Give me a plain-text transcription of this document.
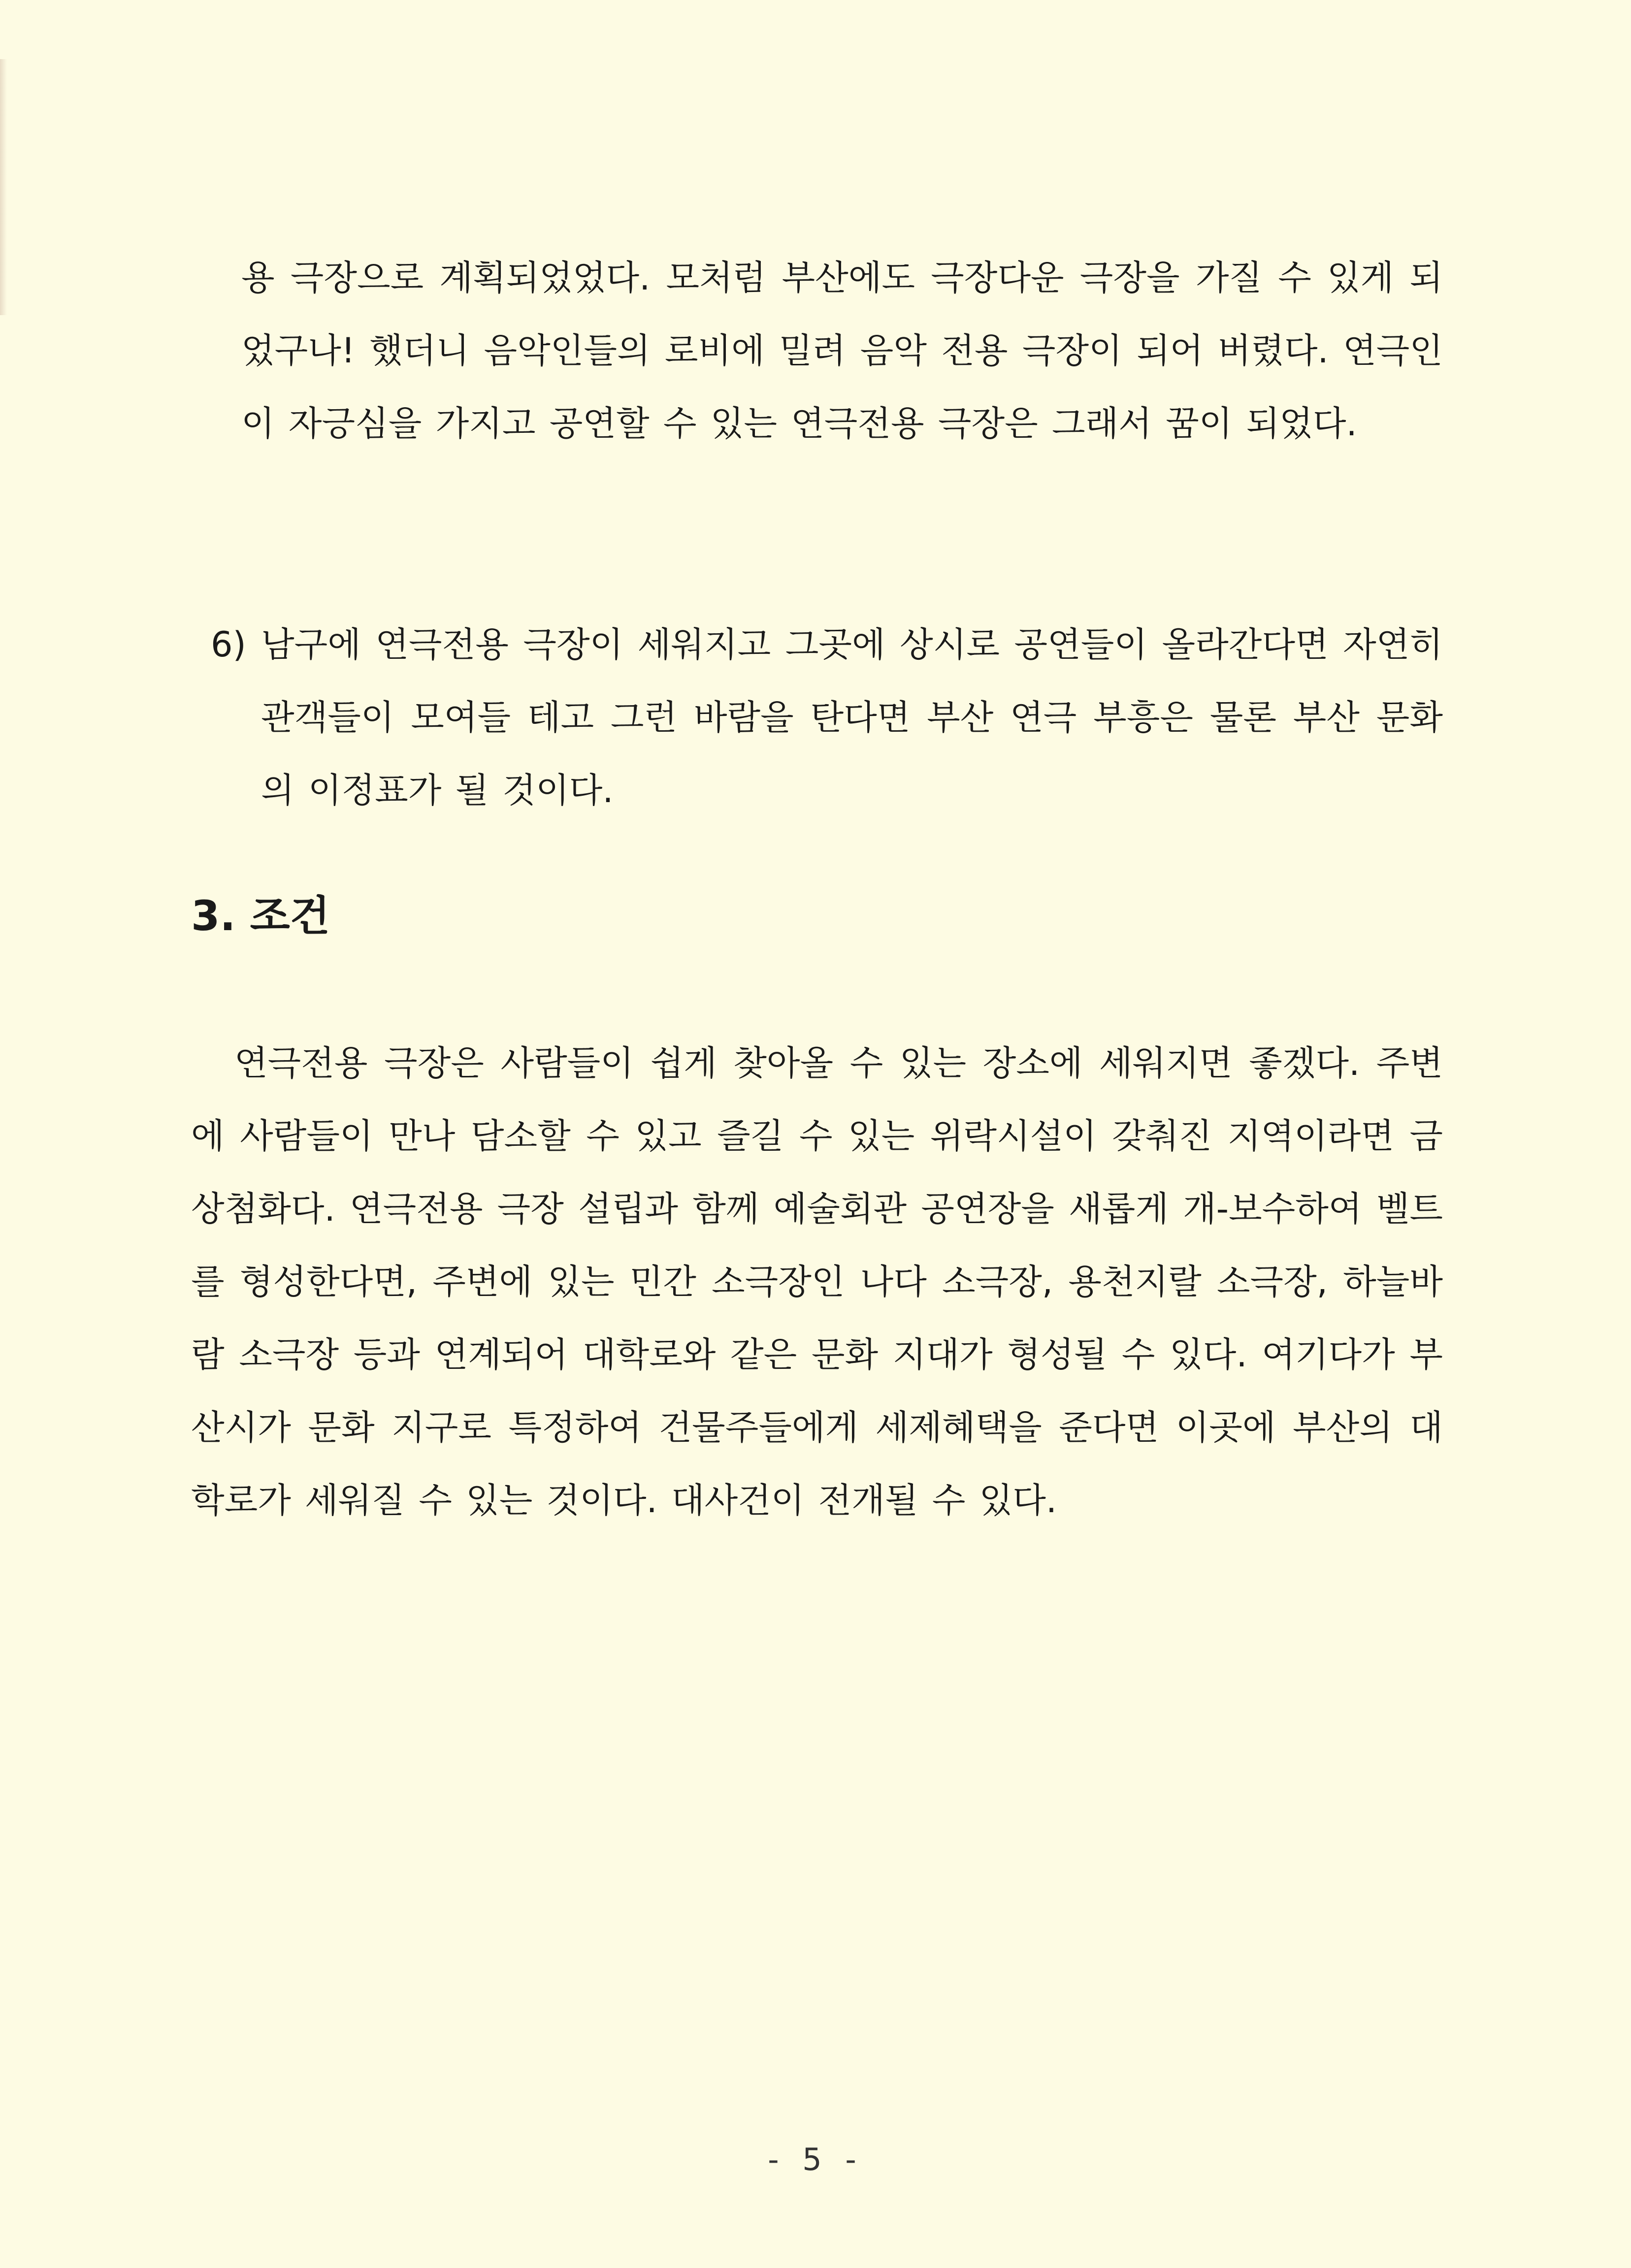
용 극장으로 계획되었었다. 모처럼 부산에도 극장다운 극장을 가질 수 있게 되었구나! 했더니 음악인들의 로비에 밀려 음악 전용 극장이 되어 버렸다. 연극인이 자긍심을 가지고 공연할 수 있는 연극전용 극장은 그래서 꿈이 되었다.

6) 남구에 연극전용 극장이 세워지고 그곳에 상시로 공연들이 올라간다면 자연히 관객들이 모여들 테고 그런 바람을 탄다면 부산 연극 부흥은 물론 부산 문화의 이정표가 될 것이다.
3. 조건

연극전용 극장은 사람들이 쉽게 찾아올 수 있는 장소에 세워지면 좋겠다. 주변에 사람들이 만나 담소할 수 있고 즐길 수 있는 위락시설이 갖춰진 지역이라면 금상첨화다. 연극전용 극장 설립과 함께 예술회관 공연장을 새롭게 개-보수하여 벨트를 형성한다면, 주변에 있는 민간 소극장인 나다 소극장, 용천지랄 소극장, 하늘바람 소극장 등과 연계되어 대학로와 같은 문화 지대가 형성될 수 있다. 여기다가 부산시가 문화 지구로 특정하여 건물주들에게 세제혜택을 준다면 이곳에 부산의 대학로가 세워질 수 있는 것이다. 대사건이 전개될 수 있다.

- 5 -
